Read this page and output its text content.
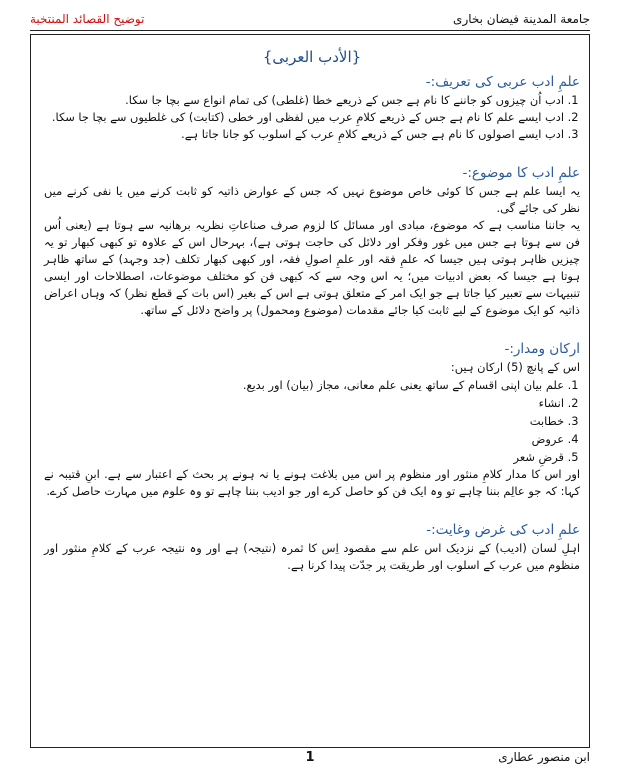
جامعة المدینة فیضان بخاری
توضیح القصائد المنتخبة
{الأدب العربی}
علمِ ادب عربی کی تعریف:-
1. ادب اُن چیزوں کو جاننے کا نام ہے جس کے ذریعے خطا (غلطی) کی تمام انواع سے بچا جا سکا.
2. ادب ایسے علم کا نام ہے جس کے ذریعے کلامِ عرب میں لفظی اور خطی (کتابت) کی غلطیوں سے بچا جا سکا.
3. ادب ایسے اصولوں کا نام ہے جس کے ذریعے کلامِ عرب کے اسلوب کو جانا جاتا ہے.
علمِ ادب کا موضوع:-

یہ ایسا علم ہے جس کا کوئی خاص موضوع نہیں کہ جس کے عوارض ذاتیہ کو ثابت کرنے میں یا نفی کرنے میں نظر کی جائے گی.

یہ جاننا مناسب ہے کہ موضوع، مبادی اور مسائل کا لزوم صرف صناعاتِ نظریہ برھانیہ سے ہوتا ہے (یعنی اُس فن سے ہوتا ہے جس میں غور وفکر اور دلائل کی حاجت ہوتی ہے)، بہرحال اس کے علاوہ تو کبھی کبھار تو یہ چیزیں ظاہر ہوتی ہیں جیسا کہ علمِ فقہ اور علمِ اصولِ فقہ، اور کبھی کبھار تکلف (جد وجہد) کے ساتھ ظاہر ہوتا ہے جیسا کہ بعض ادبیات میں؛ یہ اس وجہ سے کہ کبھی فن کو مختلف موضوعات، اصطلاحات اور ایسی تنبیہات سے تعبیر کیا جاتا ہے جو ایک امر کے متعلق ہوتی ہے اس کے بغیر (اس بات کے قطع نظر) کہ وہاں اعراض ذاتیہ کو ایک موضوع کے لیے ثابت کیا جائے مقدمات (موضوع ومحمول) پر واضح دلائل کے ساتھ.

ارکان ومدار:-

اس کے پانچ (5) ارکان ہیں:

1. علم بیان اپنی اقسام کے ساتھ یعنی علم معانی، مجاز (بیان) اور بدیع.
2. انشاء
3. خطابت
4. عروض
5. قرضِ شعر

اور اس کا مدار کلامِ منثور اور منظوم پر اس میں بلاغت ہونے یا نہ ہونے پر بحث کے اعتبار سے ہے. ابنِ قتیبہ نے کہا: کہ جو عالِم بننا چاہے تو وہ ایک فن کو حاصل کرے اور جو ادیب بننا چاہے تو وہ علوم میں مہارت حاصل کرے.

علمِ ادب کی غرض وغایت:-

اہلِ لسان (ادیب) کے نزدیک اس علم سے مقصود اِس کا ثمرہ (نتیجہ) ہے اور وہ نتیجہ عرب کے کلامِ منثور اور منظوم میں عرب کے اسلوب اور طریقت پر جدّت پیدا کرنا ہے.

ابن منصور عطاری
1
